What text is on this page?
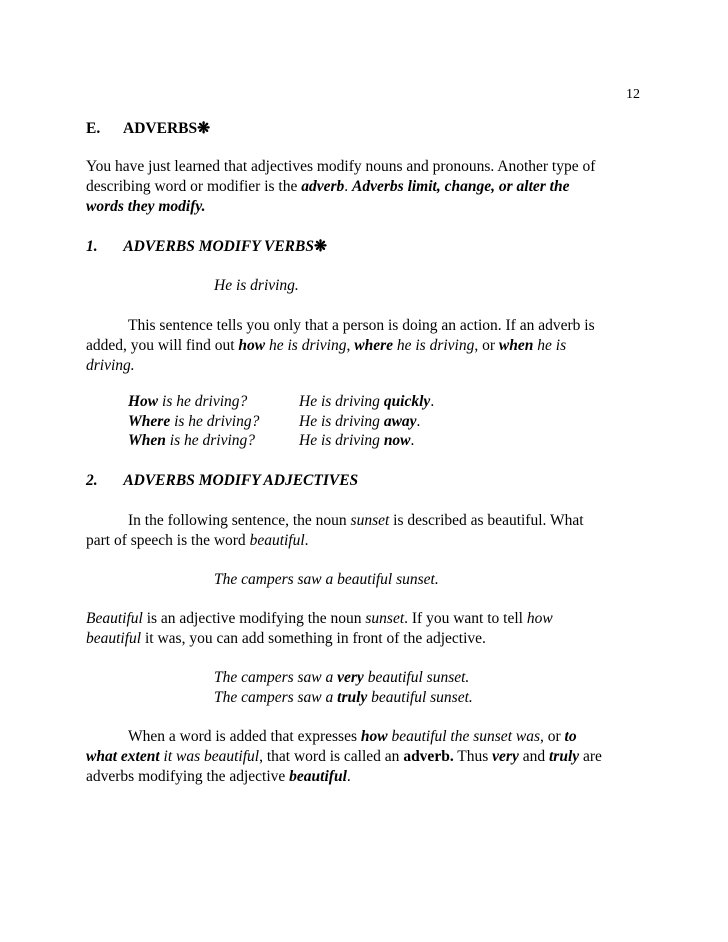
12
E. ADVERBS❋
You have just learned that adjectives modify nouns and pronouns. Another type of
describing word or modifier is the adverb. Adverbs limit, change, or alter the
words they modify.
1. ADVERBS MODIFY VERBS❋
He is driving.
This sentence tells you only that a person is doing an action. If an adverb is
added, you will find out how he is driving, where he is driving, or when he is
driving.
How is he driving?	He is driving quickly.
Where is he driving?	He is driving away.
When is he driving?	He is driving now.
2. ADVERBS MODIFY ADJECTIVES
In the following sentence, the noun sunset is described as beautiful. What
part of speech is the word beautiful.
The campers saw a beautiful sunset.
Beautiful is an adjective modifying the noun sunset. If you want to tell how
beautiful it was, you can add something in front of the adjective.
The campers saw a very beautiful sunset.
The campers saw a truly beautiful sunset.
When a word is added that expresses how beautiful the sunset was, or to
what extent it was beautiful, that word is called an adverb. Thus very and truly are
adverbs modifying the adjective beautiful.
